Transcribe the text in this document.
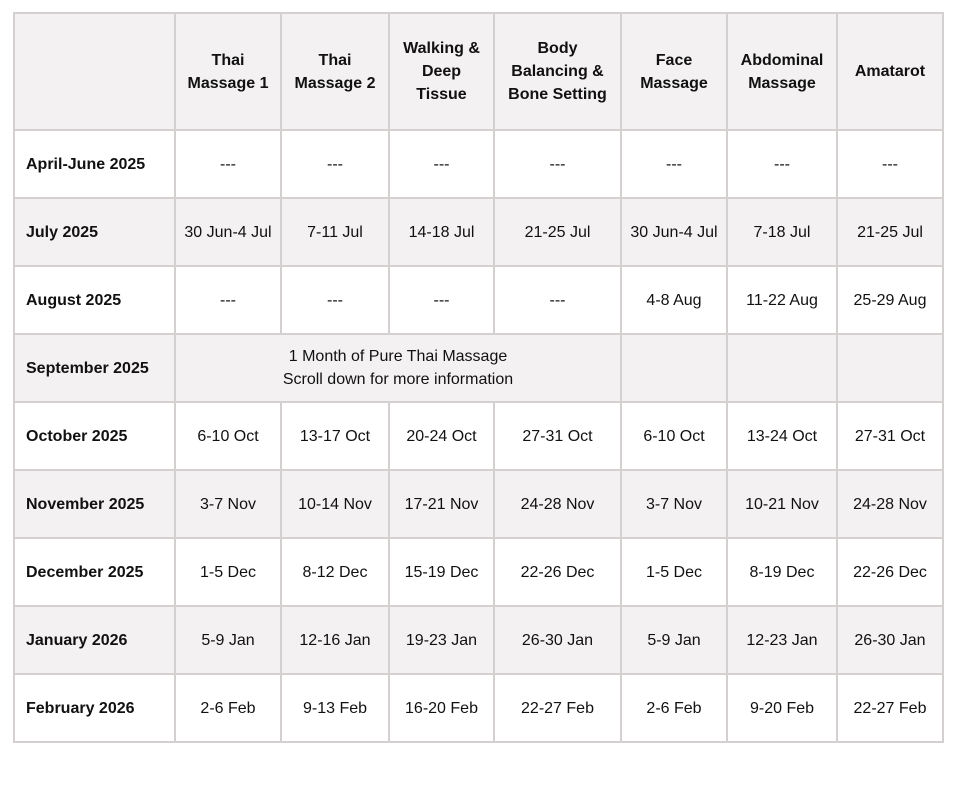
	Thai Massage 1	Thai Massage 2	Walking & Deep Tissue	Body Balancing & Bone Setting	Face Massage	Abdominal Massage	Amatarot
April-June 2025	---	---	---	---	---	---	---
July 2025	30 Jun-4 Jul	7-11 Jul	14-18 Jul	21-25 Jul	30 Jun-4 Jul	7-18 Jul	21-25 Jul
August 2025	---	---	---	---	4-8 Aug	11-22 Aug	25-29 Aug
September 2025	1 Month of Pure Thai Massage
Scroll down for more information						

October 2025	6-10 Oct	13-17 Oct	20-24 Oct	27-31 Oct	6-10 Oct	13-24 Oct	27-31 Oct
November 2025	3-7 Nov	10-14 Nov	17-21 Nov	24-28 Nov	3-7 Nov	10-21 Nov	24-28 Nov
December 2025	1-5 Dec	8-12 Dec	15-19 Dec	22-26 Dec	1-5 Dec	8-19 Dec	22-26 Dec
January 2026	5-9 Jan	12-16 Jan	19-23 Jan	26-30 Jan	5-9 Jan	12-23 Jan	26-30 Jan
February 2026	2-6 Feb	9-13 Feb	16-20 Feb	22-27 Feb	2-6 Feb	9-20 Feb	22-27 Feb
